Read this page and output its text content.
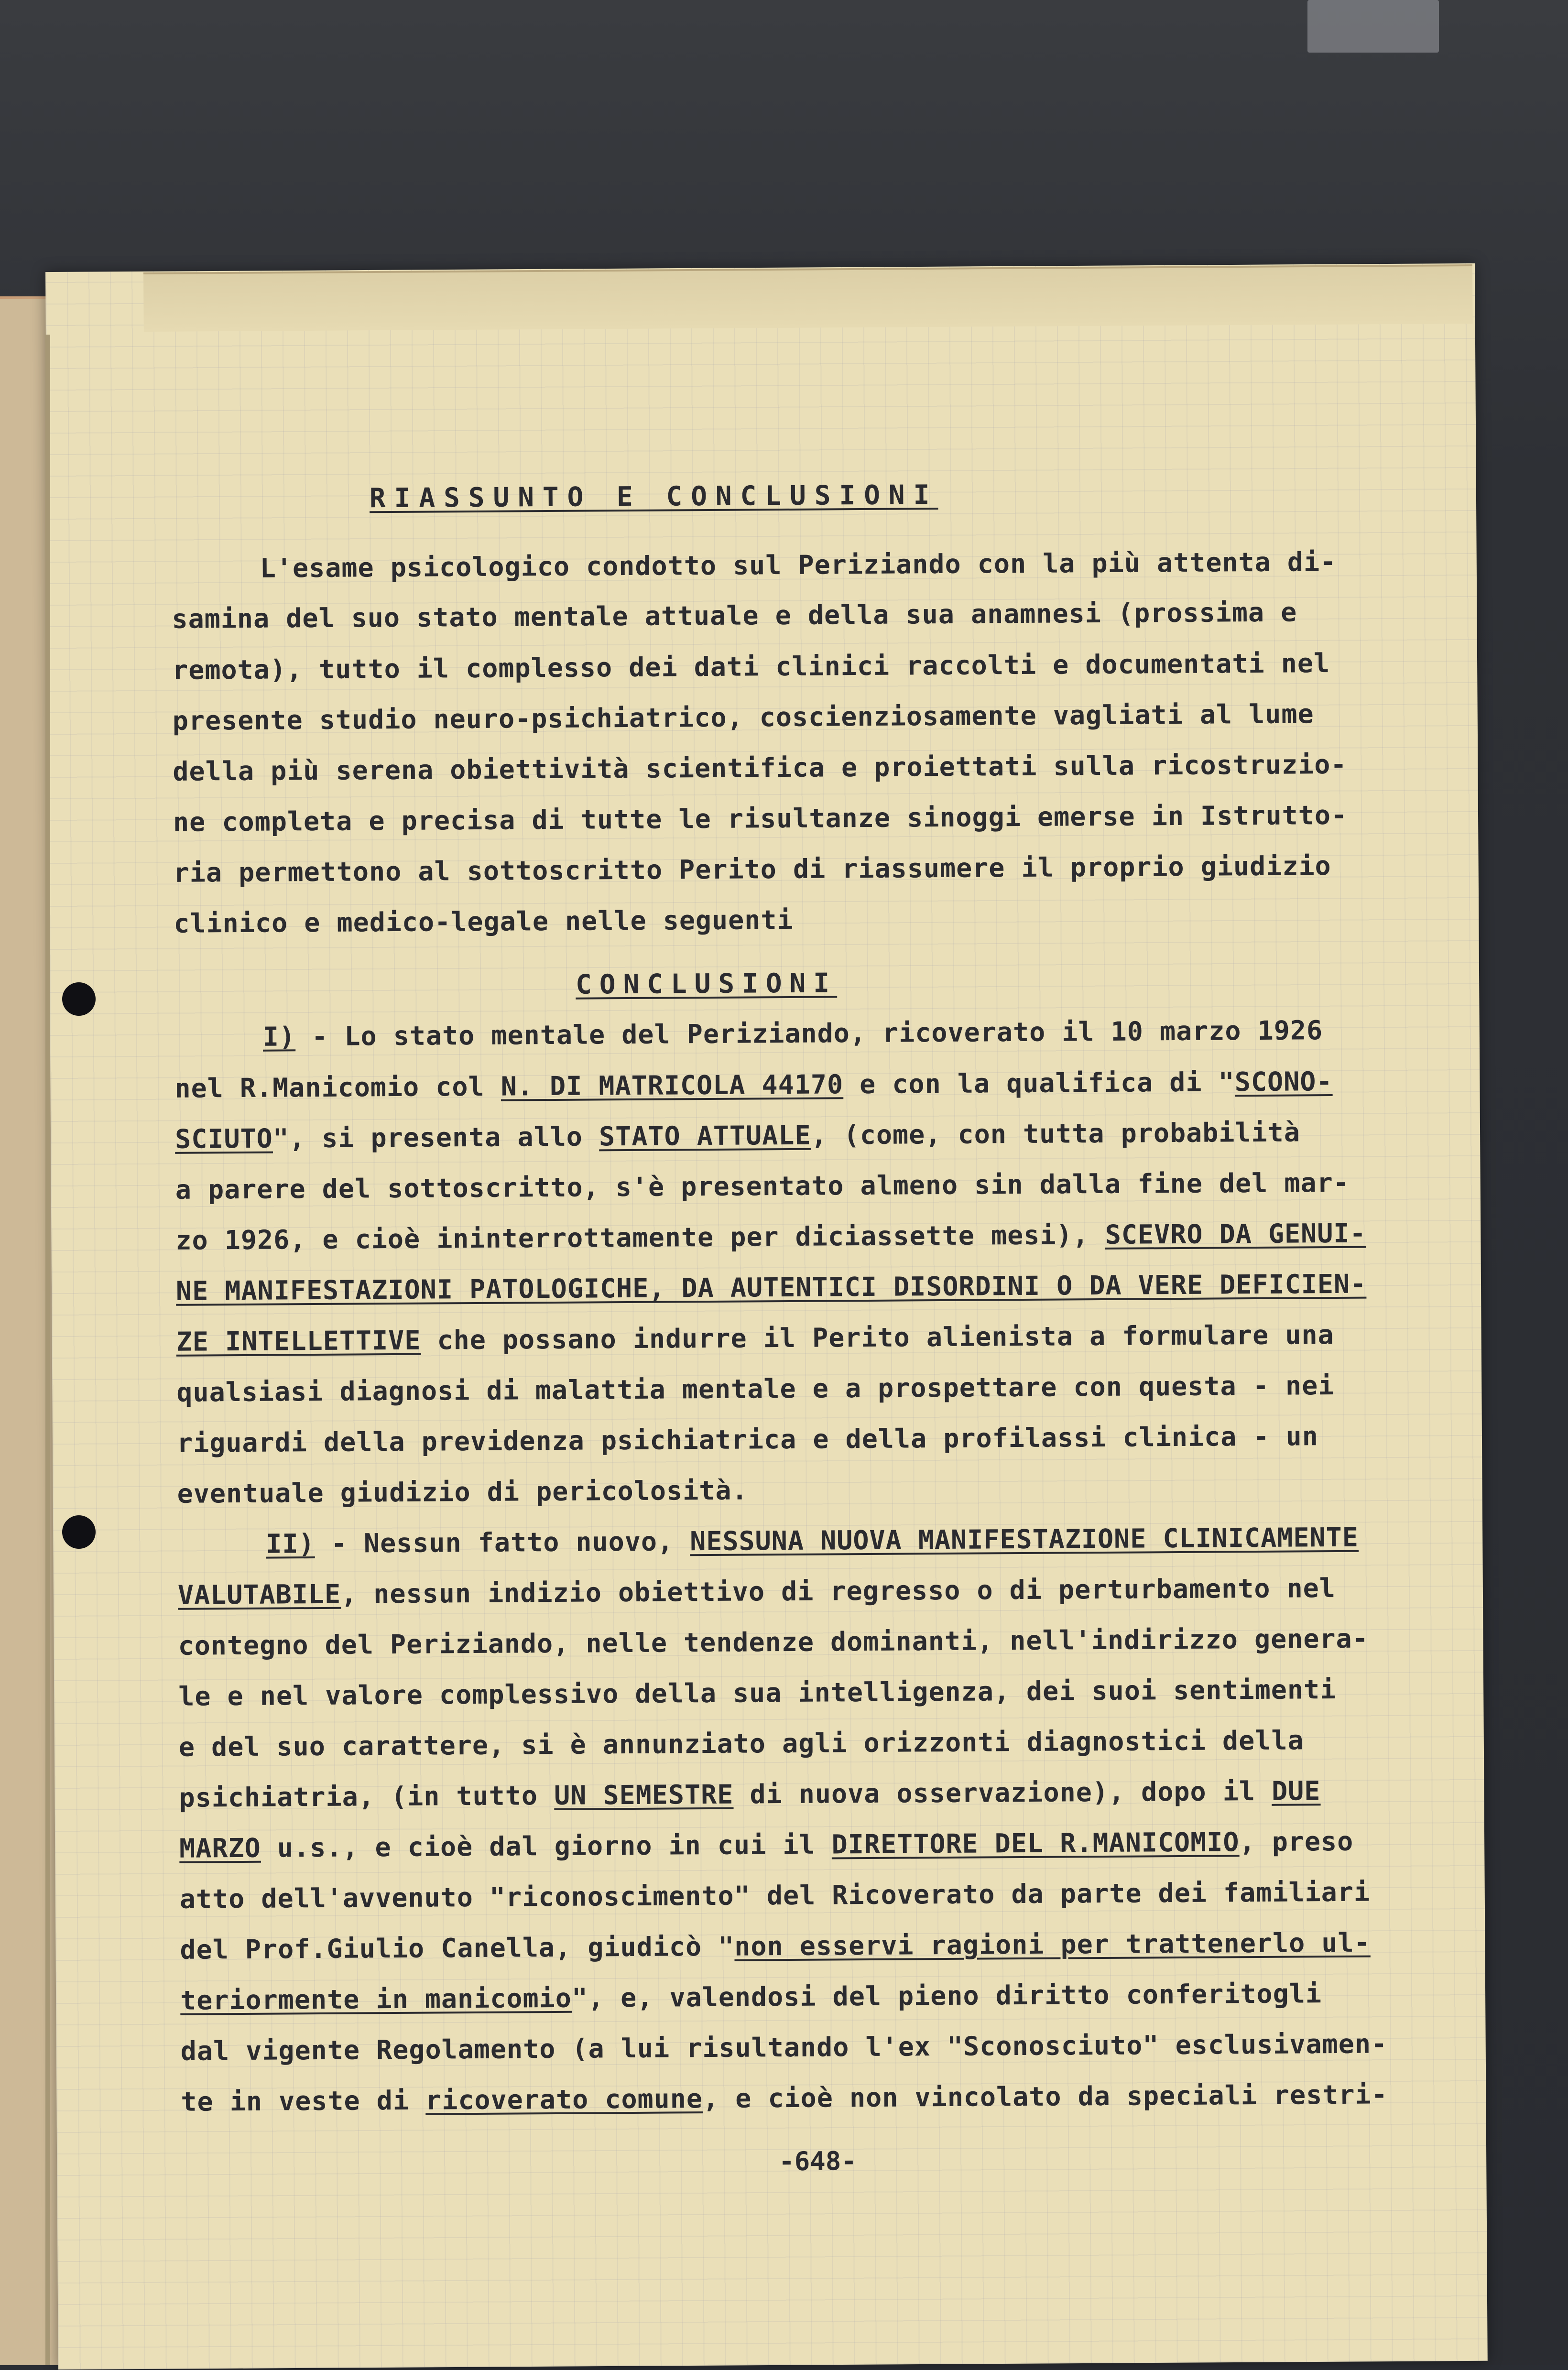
RIASSUNTO E CONCLUSIONI
L'esame psicologico condotto sul Periziando con la più attenta di-
samina del suo stato mentale attuale e della sua anamnesi (prossima e
remota), tutto il complesso dei dati clinici raccolti e documentati nel
presente studio neuro-psichiatrico, coscienziosamente vagliati al lume
della più serena obiettività scientifica e proiettati sulla ricostruzio-
ne completa e precisa di tutte le risultanze sinoggi emerse in Istrutto-
ria permettono al sottoscritto Perito di riassumere il proprio giudizio
clinico e medico-legale nelle seguenti
CONCLUSIONI
I) - Lo stato mentale del Periziando, ricoverato il 10 marzo 1926
nel R.Manicomio col N. DI MATRICOLA 44170 e con la qualifica di "SCONO-
SCIUTO", si presenta allo STATO ATTUALE, (come, con tutta probabilità
a parere del sottoscritto, s'è presentato almeno sin dalla fine del mar-
zo 1926, e cioè ininterrottamente per diciassette mesi), SCEVRO DA GENUI-
NE MANIFESTAZIONI PATOLOGICHE, DA AUTENTICI DISORDINI O DA VERE DEFICIEN-
ZE INTELLETTIVE che possano indurre il Perito alienista a formulare una
qualsiasi diagnosi di malattia mentale e a prospettare con questa - nei
riguardi della previdenza psichiatrica e della profilassi clinica - un
eventuale giudizio di pericolosità.
II) - Nessun fatto nuovo, NESSUNA NUOVA MANIFESTAZIONE CLINICAMENTE
VALUTABILE, nessun indizio obiettivo di regresso o di perturbamento nel
contegno del Periziando, nelle tendenze dominanti, nell'indirizzo genera-
le e nel valore complessivo della sua intelligenza, dei suoi sentimenti
e del suo carattere, si è annunziato agli orizzonti diagnostici della
psichiatria, (in tutto UN SEMESTRE di nuova osservazione), dopo il DUE
MARZO u.s., e cioè dal giorno in cui il DIRETTORE DEL R.MANICOMIO, preso
atto dell'avvenuto "riconoscimento" del Ricoverato da parte dei familiari
del Prof.Giulio Canella, giudicò "non esservi ragioni per trattenerlo ul-
teriormente in manicomio", e, valendosi del pieno diritto conferitogli
dal vigente Regolamento (a lui risultando l'ex "Sconosciuto" esclusivamen-
te in veste di ricoverato comune, e cioè non vincolato da speciali restri-
-648-
